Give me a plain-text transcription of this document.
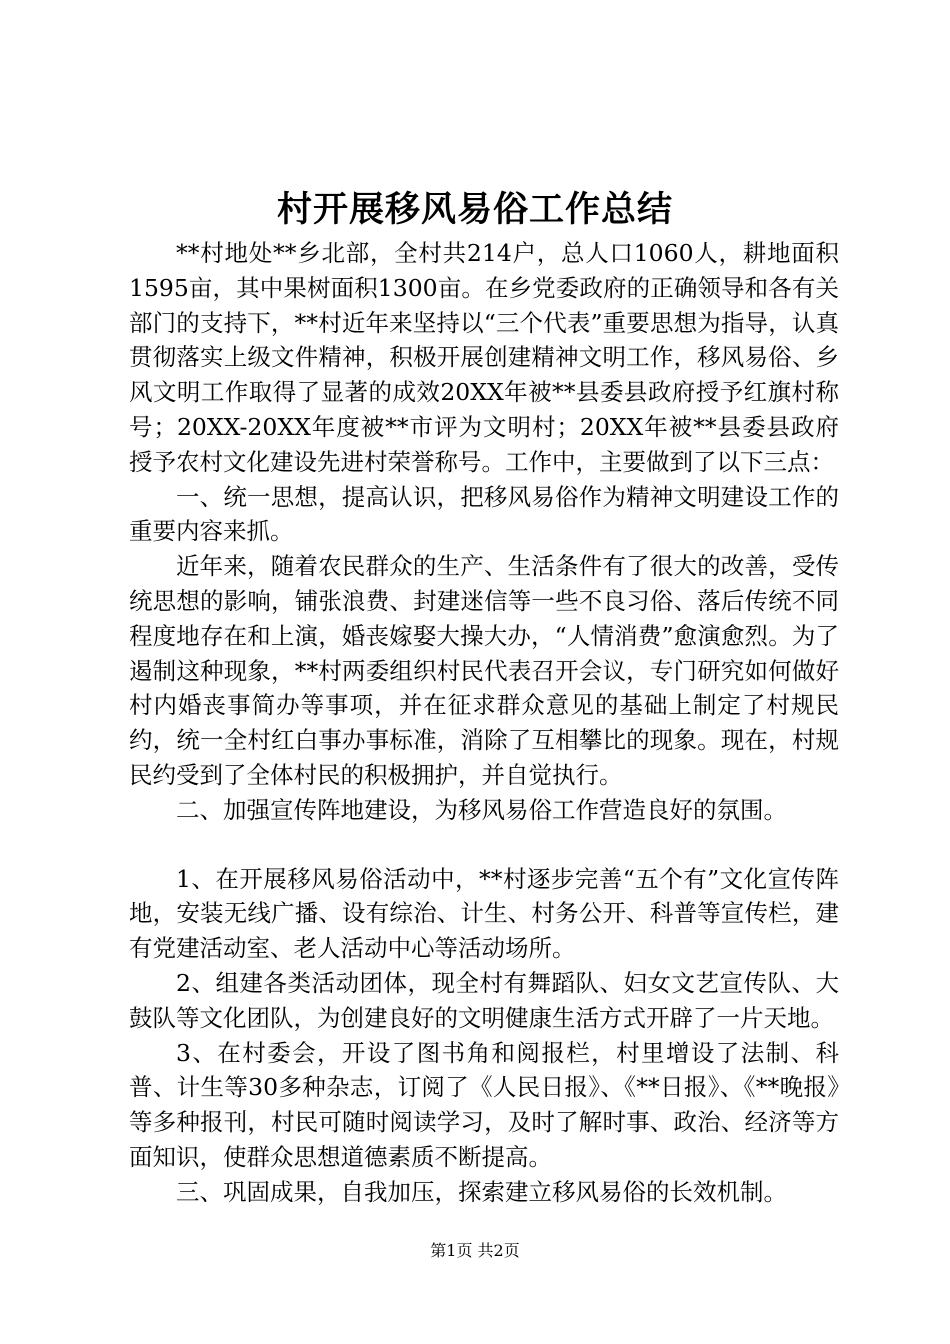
村开展移风易俗工作总结

**村地处**乡北部，全村共214户，总人口1060人，耕地面积1595亩，其中果树面积1300亩。在乡党委政府的正确领导和各有关部门的支持下，**村近年来坚持以“三个代表”重要思想为指导，认真贯彻落实上级文件精神，积极开展创建精神文明工作，移风易俗、乡风文明工作取得了显著的成效20XX年被**县委县政府授予红旗村称号；20XX-20XX年度被**市评为文明村；20XX年被**县委县政府授予农村文化建设先进村荣誉称号。工作中，主要做到了以下三点：

一、统一思想，提高认识，把移风易俗作为精神文明建设工作的重要内容来抓。

近年来，随着农民群众的生产、生活条件有了很大的改善，受传统思想的影响，铺张浪费、封建迷信等一些不良习俗、落后传统不同程度地存在和上演，婚丧嫁娶大操大办，“人情消费”愈演愈烈。为了遏制这种现象，**村两委组织村民代表召开会议，专门研究如何做好村内婚丧事简办等事项，并在征求群众意见的基础上制定了村规民约，统一全村红白事办事标准，消除了互相攀比的现象。现在，村规民约受到了全体村民的积极拥护，并自觉执行。

二、加强宣传阵地建设，为移风易俗工作营造良好的氛围。

1、在开展移风易俗活动中，**村逐步完善“五个有”文化宣传阵地，安装无线广播、设有综治、计生、村务公开、科普等宣传栏，建有党建活动室、老人活动中心等活动场所。

2、组建各类活动团体，现全村有舞蹈队、妇女文艺宣传队、大鼓队等文化团队，为创建良好的文明健康生活方式开辟了一片天地。

3、在村委会，开设了图书角和阅报栏，村里增设了法制、科普、计生等30多种杂志，订阅了《人民日报》、《**日报》、《**晚报》等多种报刊，村民可随时阅读学习，及时了解时事、政治、经济等方面知识，使群众思想道德素质不断提高。

三、巩固成果，自我加压，探索建立移风易俗的长效机制。

第1页 共2页
